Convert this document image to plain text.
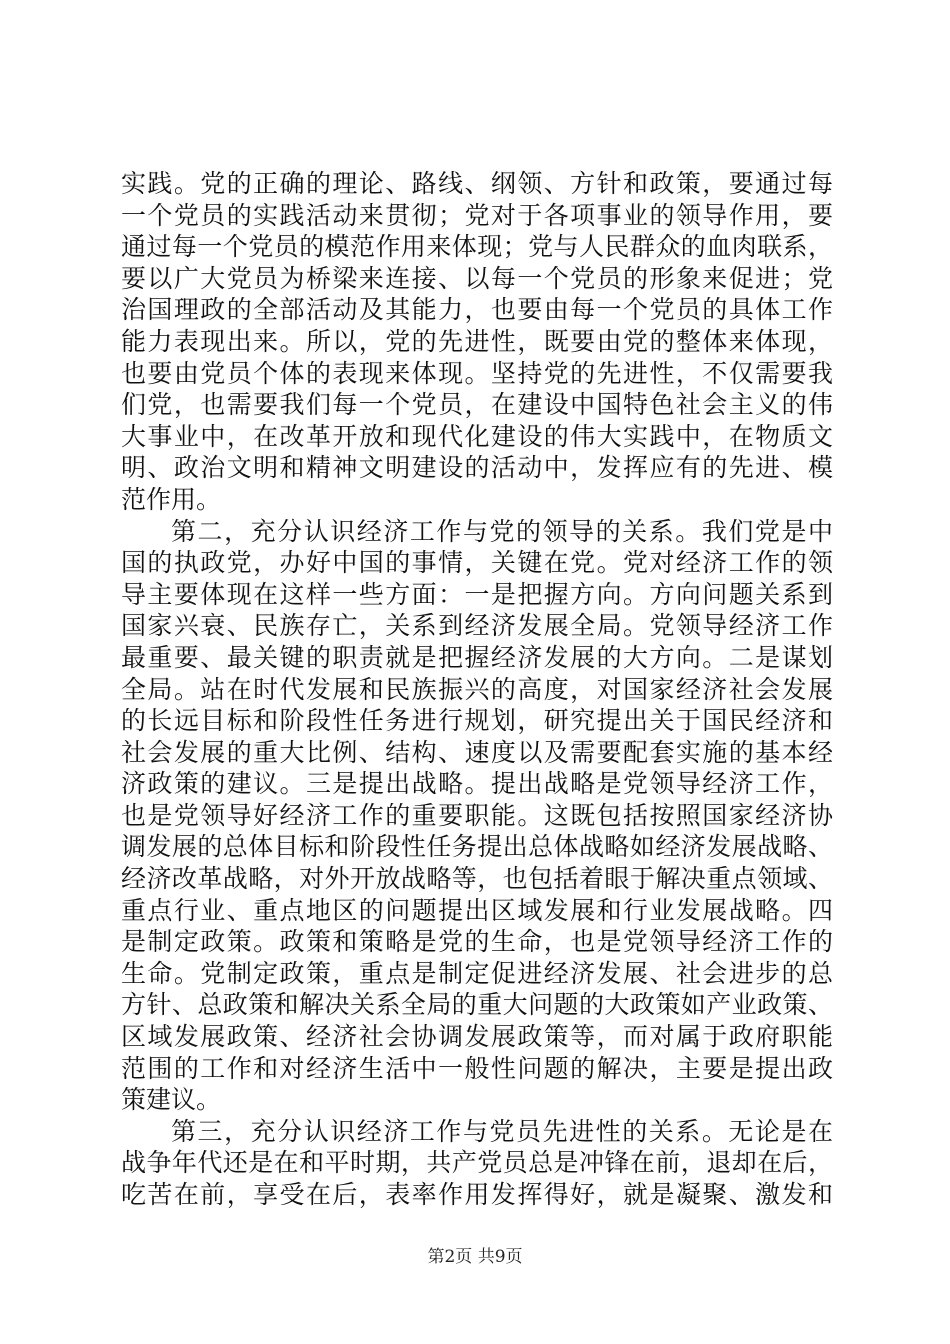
实践。党的正确的理论、路线、纲领、方针和政策，要通过每
一个党员的实践活动来贯彻；党对于各项事业的领导作用，要
通过每一个党员的模范作用来体现；党与人民群众的血肉联系，
要以广大党员为桥梁来连接、以每一个党员的形象来促进；党
治国理政的全部活动及其能力，也要由每一个党员的具体工作
能力表现出来。所以，党的先进性，既要由党的整体来体现，
也要由党员个体的表现来体现。坚持党的先进性，不仅需要我
们党，也需要我们每一个党员，在建设中国特色社会主义的伟
大事业中，在改革开放和现代化建设的伟大实践中，在物质文
明、政治文明和精神文明建设的活动中，发挥应有的先进、模
范作用。
第二，充分认识经济工作与党的领导的关系。我们党是中
国的执政党，办好中国的事情，关键在党。党对经济工作的领
导主要体现在这样一些方面：一是把握方向。方向问题关系到
国家兴衰、民族存亡，关系到经济发展全局。党领导经济工作
最重要、最关键的职责就是把握经济发展的大方向。二是谋划
全局。站在时代发展和民族振兴的高度，对国家经济社会发展
的长远目标和阶段性任务进行规划，研究提出关于国民经济和
社会发展的重大比例、结构、速度以及需要配套实施的基本经
济政策的建议。三是提出战略。提出战略是党领导经济工作，
也是党领导好经济工作的重要职能。这既包括按照国家经济协
调发展的总体目标和阶段性任务提出总体战略如经济发展战略、
经济改革战略，对外开放战略等，也包括着眼于解决重点领域、
重点行业、重点地区的问题提出区域发展和行业发展战略。四
是制定政策。政策和策略是党的生命，也是党领导经济工作的
生命。党制定政策，重点是制定促进经济发展、社会进步的总
方针、总政策和解决关系全局的重大问题的大政策如产业政策、
区域发展政策、经济社会协调发展政策等，而对属于政府职能
范围的工作和对经济生活中一般性问题的解决，主要是提出政
策建议。
第三，充分认识经济工作与党员先进性的关系。无论是在
战争年代还是在和平时期，共产党员总是冲锋在前，退却在后，
吃苦在前，享受在后，表率作用发挥得好，就是凝聚、激发和
第2页 共9页
